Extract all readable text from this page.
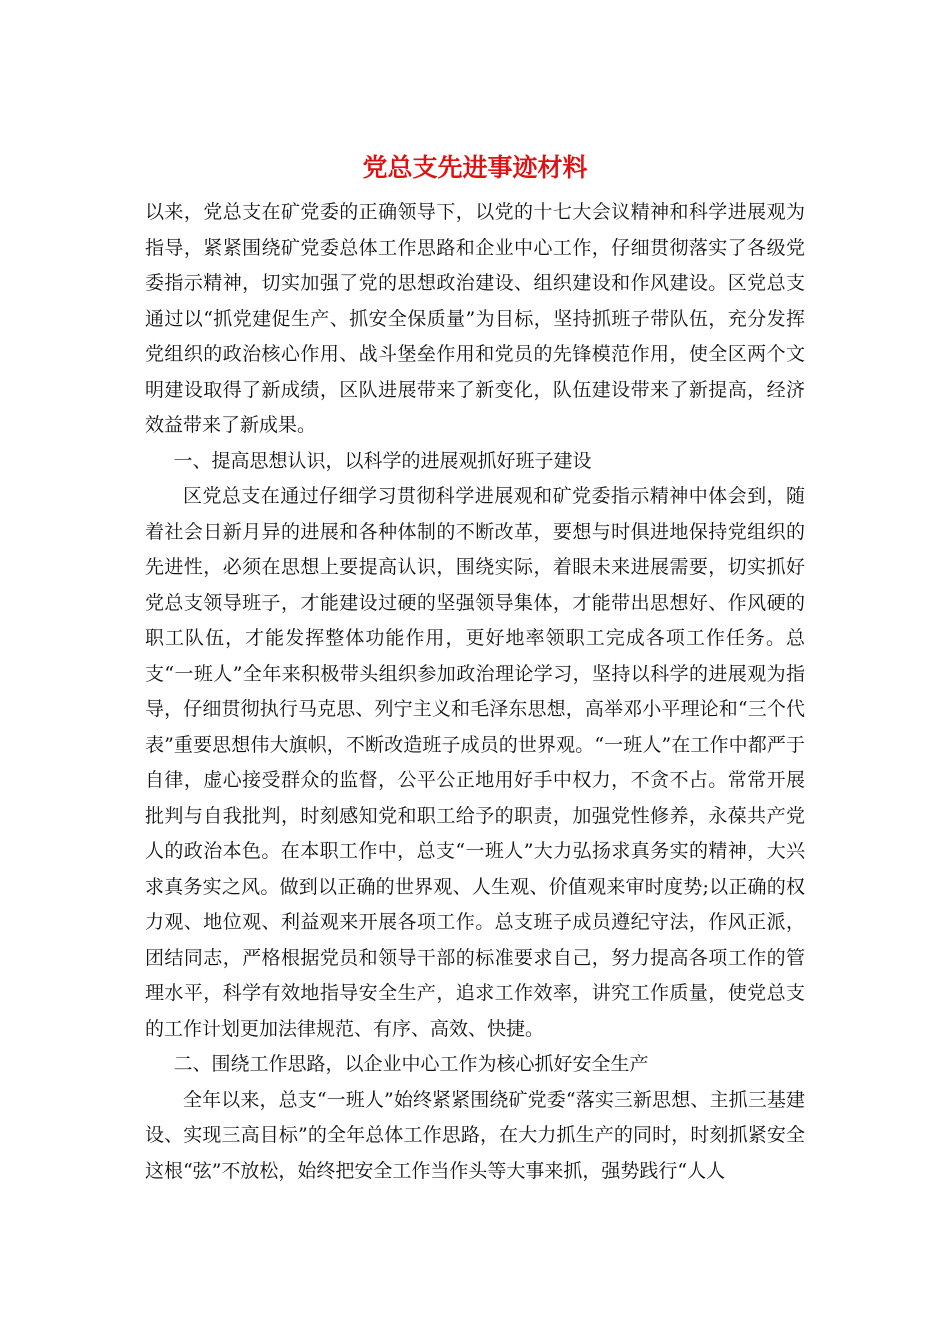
党总支先进事迹材料

以来，党总支在矿党委的正确领导下，以党的十七大会议精神和科学进展观为指导，紧紧围绕矿党委总体工作思路和企业中心工作，仔细贯彻落实了各级党委指示精神，切实加强了党的思想政治建设、组织建设和作风建设。区党总支通过以“抓党建促生产、抓安全保质量”为目标，坚持抓班子带队伍，充分发挥党组织的政治核心作用、战斗堡垒作用和党员的先锋模范作用，使全区两个文明建设取得了新成绩，区队进展带来了新变化，队伍建设带来了新提高，经济效益带来了新成果。

一、提高思想认识，以科学的进展观抓好班子建设

区党总支在通过仔细学习贯彻科学进展观和矿党委指示精神中体会到，随着社会日新月异的进展和各种体制的不断改革，要想与时俱进地保持党组织的先进性，必须在思想上要提高认识，围绕实际，着眼未来进展需要，切实抓好党总支领导班子，才能建设过硬的坚强领导集体，才能带出思想好、作风硬的职工队伍，才能发挥整体功能作用，更好地率领职工完成各项工作任务。总支“一班人”全年来积极带头组织参加政治理论学习，坚持以科学的进展观为指导，仔细贯彻执行马克思、列宁主义和毛泽东思想，高举邓小平理论和“三个代表”重要思想伟大旗帜，不断改造班子成员的世界观。“一班人”在工作中都严于自律，虚心接受群众的监督，公平公正地用好手中权力，不贪不占。常常开展批判与自我批判，时刻感知党和职工给予的职责，加强党性修养，永葆共产党人的政治本色。在本职工作中，总支“一班人”大力弘扬求真务实的精神，大兴求真务实之风。做到以正确的世界观、人生观、价值观来审时度势;以正确的权力观、地位观、利益观来开展各项工作。总支班子成员遵纪守法，作风正派，团结同志，严格根据党员和领导干部的标准要求自己，努力提高各项工作的管理水平，科学有效地指导安全生产，追求工作效率，讲究工作质量，使党总支的工作计划更加法律规范、有序、高效、快捷。

二、围绕工作思路，以企业中心工作为核心抓好安全生产

全年以来，总支“一班人”始终紧紧围绕矿党委“落实三新思想、主抓三基建设、实现三高目标”的全年总体工作思路，在大力抓生产的同时，时刻抓紧安全这根“弦”不放松，始终把安全工作当作头等大事来抓，强势践行“人人
